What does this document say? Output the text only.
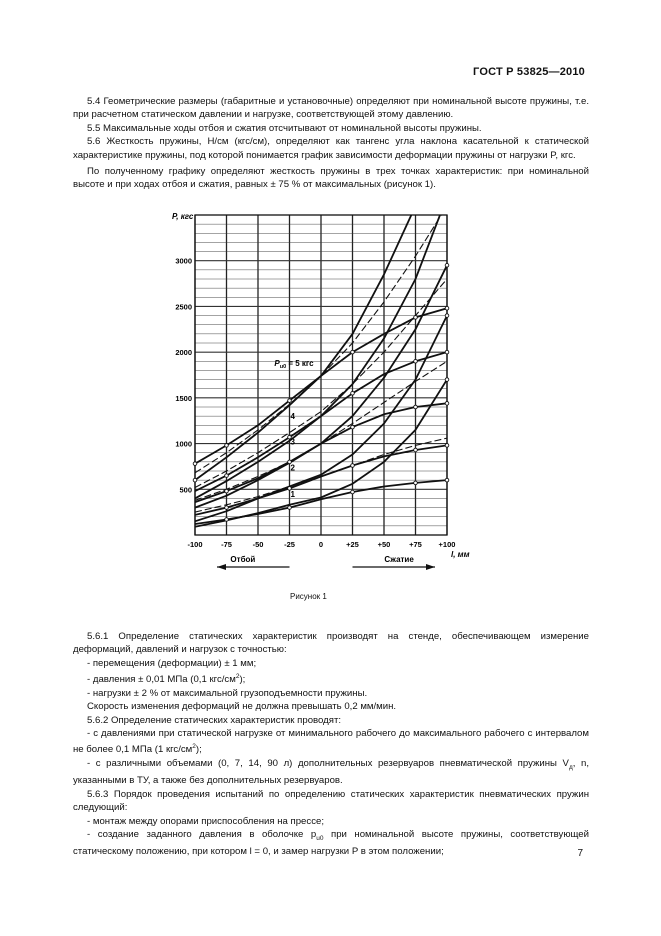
ГОСТ Р 53825—2010

5.4 Геометрические размеры (габаритные и установочные) определяют при номинальной высоте пружины, т.е. при расчетном статическом давлении и нагрузке, соответствующей этому давлению.

5.5 Максимальные ходы отбоя и сжатия отсчитывают от номинальной высоты пружины.

5.6 Жесткость пружины, Н/см (кгс/см), определяют как тангенс угла наклона касательной к статической характеристике пружины, под которой понимается график зависимости деформации пружины от нагрузки P, кгс.

По полученному графику определяют жесткость пружины в трех точках характеристик: при номинальной высоте и при ходах отбоя и сжатия, равных ± 75 % от максимальных (рисунок 1).

500
1000
1500
2000
2500
3000
-100 -75	-50	-25	0	+25	+50	+75 +100
P, кгс
l, мм
1
2
3
4
$P_{u0} = 5$ кгс
Отбой	Сжатие
Рисунок 1

5.6.1 Определение статических характеристик производят на стенде, обеспечивающем измерение деформаций, давлений и нагрузок с точностью:

- перемещения (деформации) ± 1 мм;

- давления ± 0,01 МПа (0,1 кгс/$см^2$);

- нагрузки ± 2 % от максимальной грузоподъемности пружины.

Скорость изменения деформаций не должна превышать 0,2 мм/мин.

5.6.2 Определение статических характеристик проводят:

- с давлениями при статической нагрузке от минимального рабочего до максимального рабочего с интервалом не более 0,1 МПа (1 кгс/$см^2$);

- с различными объемами (0, 7, 14, 90 л) дополнительных резервуаров пневматической пружины $V_д$, n, указанными в ТУ, а также без дополнительных резервуаров.

5.6.3 Порядок проведения испытаний по определению статических характеристик пневматических пружин следующий:

- монтаж между опорами приспособления на прессе;

- создание заданного давления в оболочке $p_{u0}$ при номинальной высоте пружины, соответствующей статическому положению, при котором l = 0, и замер нагрузки P в этом положении;	7
